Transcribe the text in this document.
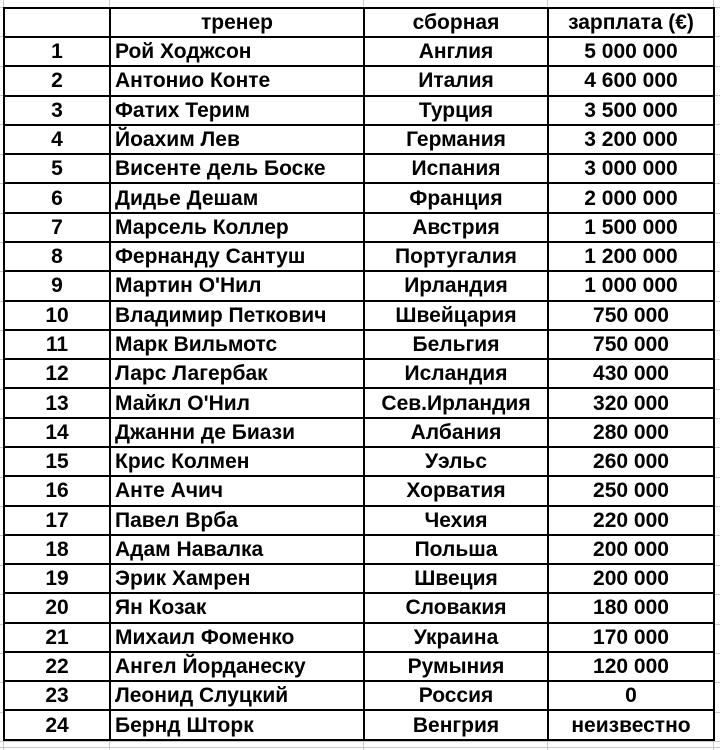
	тренер	сборная	зарплата (€)
1	Рой Ходжсон	Англия	5 000 000
2	Антонио Конте	Италия	4 600 000
3	Фатих Терим	Турция	3 500 000
4	Йоахим Лев	Германия	3 200 000
5	Висенте дель Боске	Испания	3 000 000
6	Дидье Дешам	Франция	2 000 000
7	Марсель Коллер	Австрия	1 500 000
8	Фернанду Сантуш	Португалия	1 200 000
9	Мартин О'Нил	Ирландия	1 000 000
10	Владимир Петкович	Швейцария	750 000
11	Марк Вильмотс	Бельгия	750 000
12	Ларс Лагербак	Исландия	430 000
13	Майкл О'Нил	Сев.Ирландия	320 000
14	Джанни де Биази	Албания	280 000
15	Крис Колмен	Уэльс	260 000
16	Анте Ачич	Хорватия	250 000
17	Павел Врба	Чехия	220 000
18	Адам Навалка	Польша	200 000
19	Эрик Хамрен	Швеция	200 000
20	Ян Козак	Словакия	180 000
21	Михаил Фоменко	Украина	170 000
22	Ангел Йорданеску	Румыния	120 000
23	Леонид Слуцкий	Россия	0
24	Бернд Шторк	Венгрия	неизвестно
